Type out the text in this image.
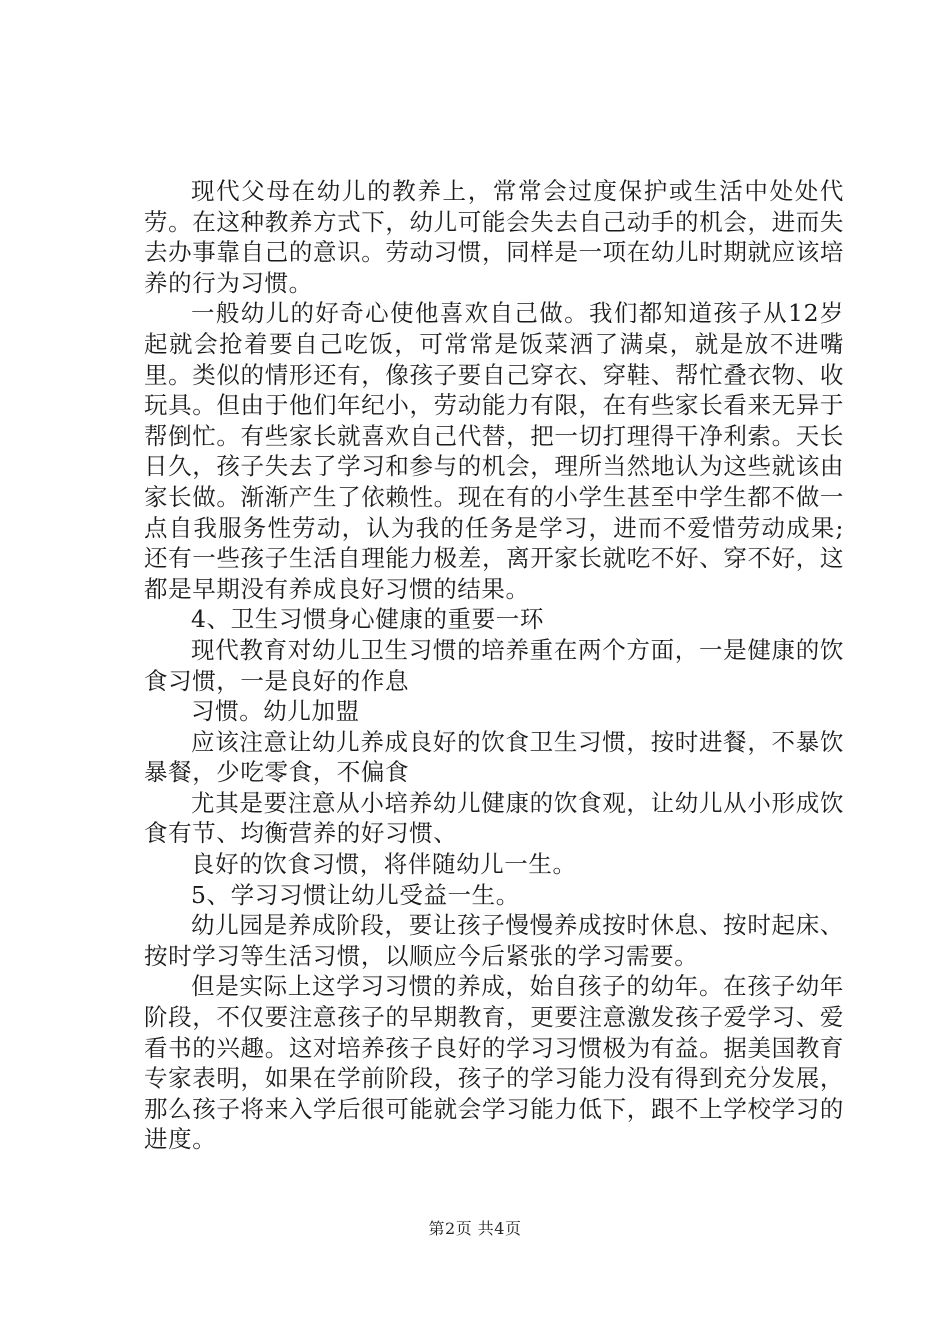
现代父母在幼儿的教养上，常常会过度保护或生活中处处代劳。在这种教养方式下，幼儿可能会失去自己动手的机会，进而失去办事靠自己的意识。劳动习惯，同样是一项在幼儿时期就应该培养的行为习惯。

一般幼儿的好奇心使他喜欢自己做。我们都知道孩子从12岁起就会抢着要自己吃饭，可常常是饭菜洒了满桌，就是放不进嘴里。类似的情形还有，像孩子要自己穿衣、穿鞋、帮忙叠衣物、收玩具。但由于他们年纪小，劳动能力有限，在有些家长看来无异于帮倒忙。有些家长就喜欢自己代替，把一切打理得干净利索。天长日久，孩子失去了学习和参与的机会，理所当然地认为这些就该由家长做。渐渐产生了依赖性。现在有的小学生甚至中学生都不做一点自我服务性劳动，认为我的任务是学习，进而不爱惜劳动成果;还有一些孩子生活自理能力极差，离开家长就吃不好、穿不好，这都是早期没有养成良好习惯的结果。

4、卫生习惯身心健康的重要一环

现代教育对幼儿卫生习惯的培养重在两个方面，一是健康的饮食习惯，一是良好的作息

习惯。幼儿加盟

应该注意让幼儿养成良好的饮食卫生习惯，按时进餐，不暴饮暴餐，少吃零食，不偏食

尤其是要注意从小培养幼儿健康的饮食观，让幼儿从小形成饮食有节、均衡营养的好习惯、

良好的饮食习惯，将伴随幼儿一生。

5、学习习惯让幼儿受益一生。

幼儿园是养成阶段，要让孩子慢慢养成按时休息、按时起床、按时学习等生活习惯，以顺应今后紧张的学习需要。

但是实际上这学习习惯的养成，始自孩子的幼年。在孩子幼年阶段，不仅要注意孩子的早期教育，更要注意激发孩子爱学习、爱看书的兴趣。这对培养孩子良好的学习习惯极为有益。据美国教育专家表明，如果在学前阶段，孩子的学习能力没有得到充分发展，那么孩子将来入学后很可能就会学习能力低下，跟不上学校学习的进度。

第2页 共4页
